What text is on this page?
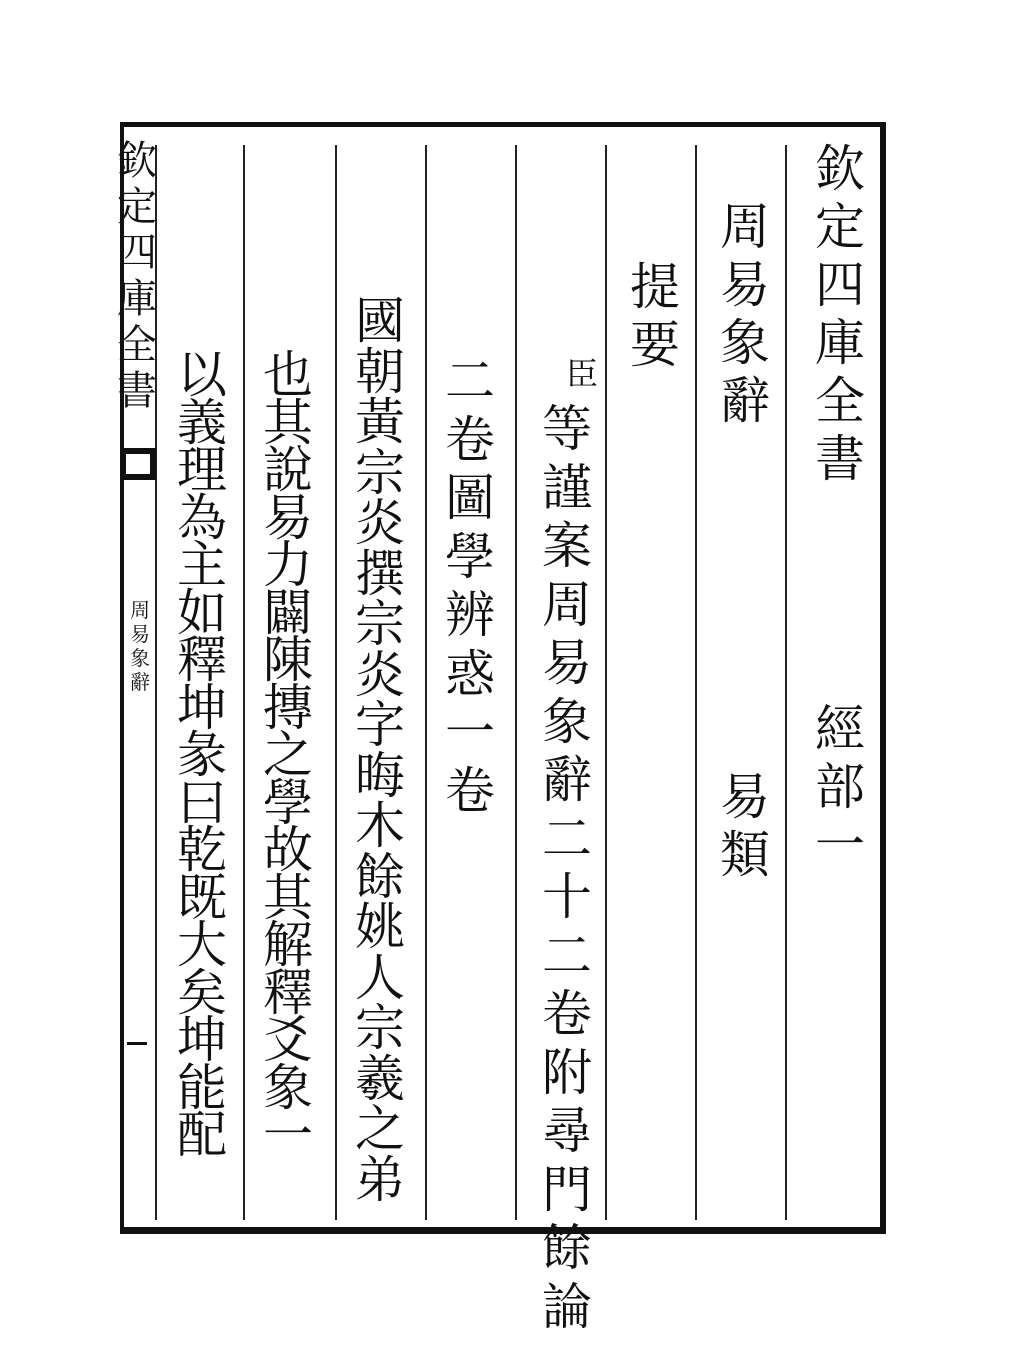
欽
定
四
庫
全
書
周
易
象
辭
欽
定
四
庫
全
書
經
部
一
周
易
象
辭
易
類
提
要
臣
等
謹
案
周
易
象
辭
二
十
二
卷
附
尋
門
餘
論
二
卷
圖
學
辨
惑
一
卷
國
朝
黃
宗
炎
撰
宗
炎
字
晦
木
餘
姚
人
宗
羲
之
弟
也
其
說
易
力
闢
陳
摶
之
學
故
其
解
釋
爻
象
一
以
義
理
為
主
如
釋
坤
彖
曰
乾
既
大
矣
坤
能
配
